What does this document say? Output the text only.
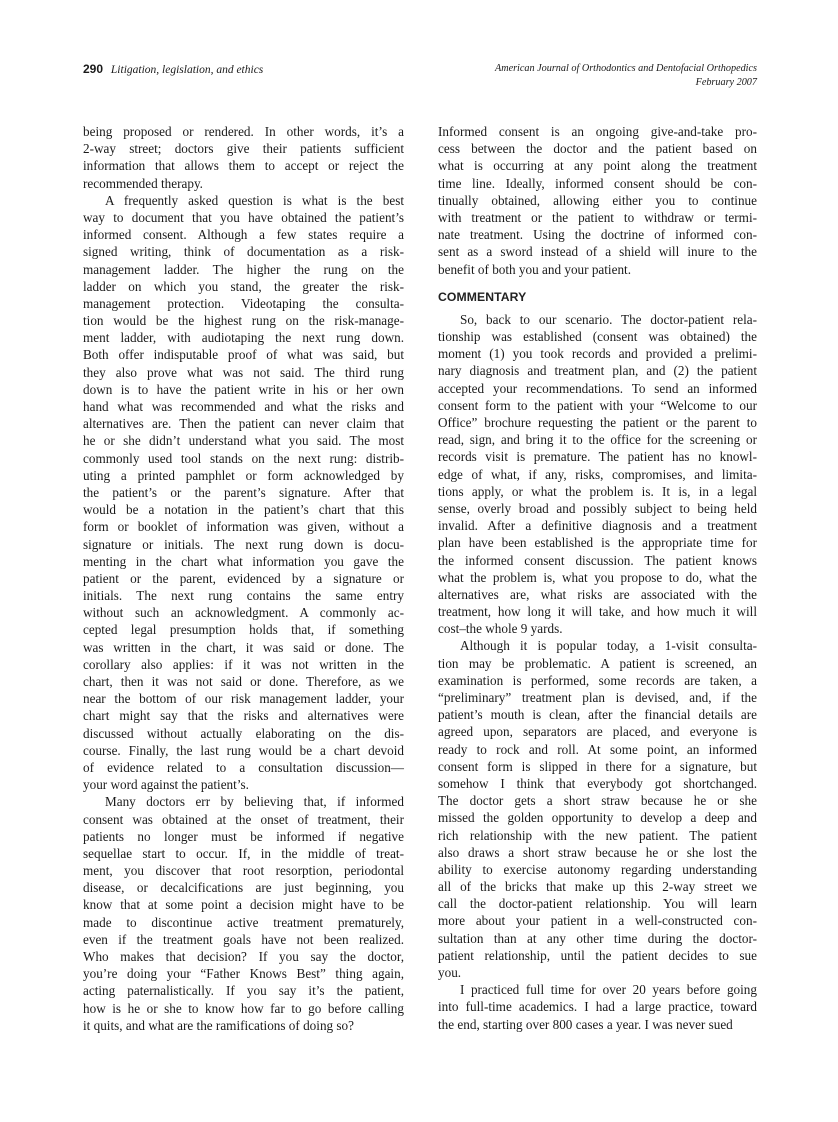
290 Litigation, legislation, and ethics	American Journal of Orthodontics and Dentofacial Orthopedics
February 2007
being proposed or rendered. In other words, it’s a
2-way street; doctors give their patients sufficient
information that allows them to accept or reject the
recommended therapy.
A frequently asked question is what is the best
way to document that you have obtained the patient’s
informed consent. Although a few states require a
signed writing, think of documentation as a risk-
management ladder. The higher the rung on the
ladder on which you stand, the greater the risk-
management protection. Videotaping the consulta-
tion would be the highest rung on the risk-manage-
ment ladder, with audiotaping the next rung down.
Both offer indisputable proof of what was said, but
they also prove what was not said. The third rung
down is to have the patient write in his or her own
hand what was recommended and what the risks and
alternatives are. Then the patient can never claim that
he or she didn’t understand what you said. The most
commonly used tool stands on the next rung: distrib-
uting a printed pamphlet or form acknowledged by
the patient’s or the parent’s signature. After that
would be a notation in the patient’s chart that this
form or booklet of information was given, without a
signature or initials. The next rung down is docu-
menting in the chart what information you gave the
patient or the parent, evidenced by a signature or
initials. The next rung contains the same entry
without such an acknowledgment. A commonly ac-
cepted legal presumption holds that, if something
was written in the chart, it was said or done. The
corollary also applies: if it was not written in the
chart, then it was not said or done. Therefore, as we
near the bottom of our risk management ladder, your
chart might say that the risks and alternatives were
discussed without actually elaborating on the dis-
course. Finally, the last rung would be a chart devoid
of evidence related to a consultation discussion—
your word against the patient’s.
Many doctors err by believing that, if informed
consent was obtained at the onset of treatment, their
patients no longer must be informed if negative
sequellae start to occur. If, in the middle of treat-
ment, you discover that root resorption, periodontal
disease, or decalcifications are just beginning, you
know that at some point a decision might have to be
made to discontinue active treatment prematurely,
even if the treatment goals have not been realized.
Who makes that decision? If you say the doctor,
you’re doing your “Father Knows Best” thing again,
acting paternalistically. If you say it’s the patient,
how is he or she to know how far to go before calling
it quits, and what are the ramifications of doing so?
Informed consent is an ongoing give-and-take pro-
cess between the doctor and the patient based on
what is occurring at any point along the treatment
time line. Ideally, informed consent should be con-
tinually obtained, allowing either you to continue
with treatment or the patient to withdraw or termi-
nate treatment. Using the doctrine of informed con-
sent as a sword instead of a shield will inure to the
benefit of both you and your patient.
COMMENTARY
So, back to our scenario. The doctor-patient rela-
tionship was established (consent was obtained) the
moment (1) you took records and provided a prelimi-
nary diagnosis and treatment plan, and (2) the patient
accepted your recommendations. To send an informed
consent form to the patient with your “Welcome to our
Office” brochure requesting the patient or the parent to
read, sign, and bring it to the office for the screening or
records visit is premature. The patient has no knowl-
edge of what, if any, risks, compromises, and limita-
tions apply, or what the problem is. It is, in a legal
sense, overly broad and possibly subject to being held
invalid. After a definitive diagnosis and a treatment
plan have been established is the appropriate time for
the informed consent discussion. The patient knows
what the problem is, what you propose to do, what the
alternatives are, what risks are associated with the
treatment, how long it will take, and how much it will
cost–the whole 9 yards.
Although it is popular today, a 1-visit consulta-
tion may be problematic. A patient is screened, an
examination is performed, some records are taken, a
“preliminary” treatment plan is devised, and, if the
patient’s mouth is clean, after the financial details are
agreed upon, separators are placed, and everyone is
ready to rock and roll. At some point, an informed
consent form is slipped in there for a signature, but
somehow I think that everybody got shortchanged.
The doctor gets a short straw because he or she
missed the golden opportunity to develop a deep and
rich relationship with the new patient. The patient
also draws a short straw because he or she lost the
ability to exercise autonomy regarding understanding
all of the bricks that make up this 2-way street we
call the doctor-patient relationship. You will learn
more about your patient in a well-constructed con-
sultation than at any other time during the doctor-
patient relationship, until the patient decides to sue
you.
I practiced full time for over 20 years before going
into full-time academics. I had a large practice, toward
the end, starting over 800 cases a year. I was never sued
